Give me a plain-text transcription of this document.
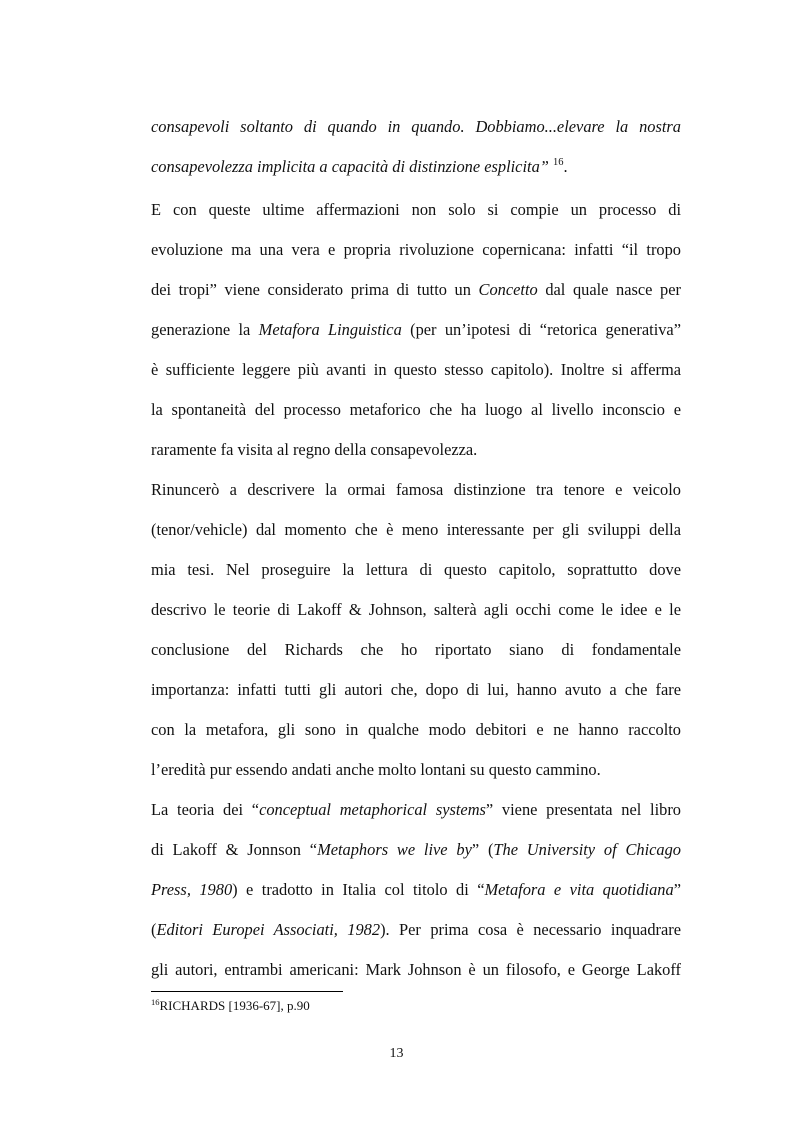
consapevoli soltanto di quando in quando. Dobbiamo...elevare la nostra

consapevolezza implicita a capacità di distinzione esplicita” $^{16}$.

E con queste ultime affermazioni non solo si compie un processo di

evoluzione ma una vera e propria rivoluzione copernicana: infatti “il tropo

dei tropi” viene considerato prima di tutto un Concetto dal quale nasce per

generazione la Metafora Linguistica (per un’ipotesi di “retorica generativa”

è sufficiente leggere più avanti in questo stesso capitolo). Inoltre si afferma

la spontaneità del processo metaforico che ha luogo al livello inconscio e

raramente fa visita al regno della consapevolezza.

Rinuncerò a descrivere la ormai famosa distinzione tra tenore e veicolo

(tenor/vehicle) dal momento che è meno interessante per gli sviluppi della

mia tesi. Nel proseguire la lettura di questo capitolo, soprattutto dove

descrivo le teorie di Lakoff & Johnson, salterà agli occhi come le idee e le

conclusione del Richards che ho riportato siano di fondamentale

importanza: infatti tutti gli autori che, dopo di lui, hanno avuto a che fare

con la metafora, gli sono in qualche modo debitori e ne hanno raccolto

l’eredità pur essendo andati anche molto lontani su questo cammino.

La teoria dei “conceptual metaphorical systems” viene presentata nel libro

di Lakoff & Jonnson “Metaphors we live by” (The University of Chicago

Press, 1980) e tradotto in Italia col titolo di “Metafora e vita quotidiana”

(Editori Europei Associati, 1982). Per prima cosa è necessario inquadrare

gli autori, entrambi americani: Mark Johnson è un filosofo, e George Lakoff

$^{16}$RICHARDS [1936-67], p.90
13
